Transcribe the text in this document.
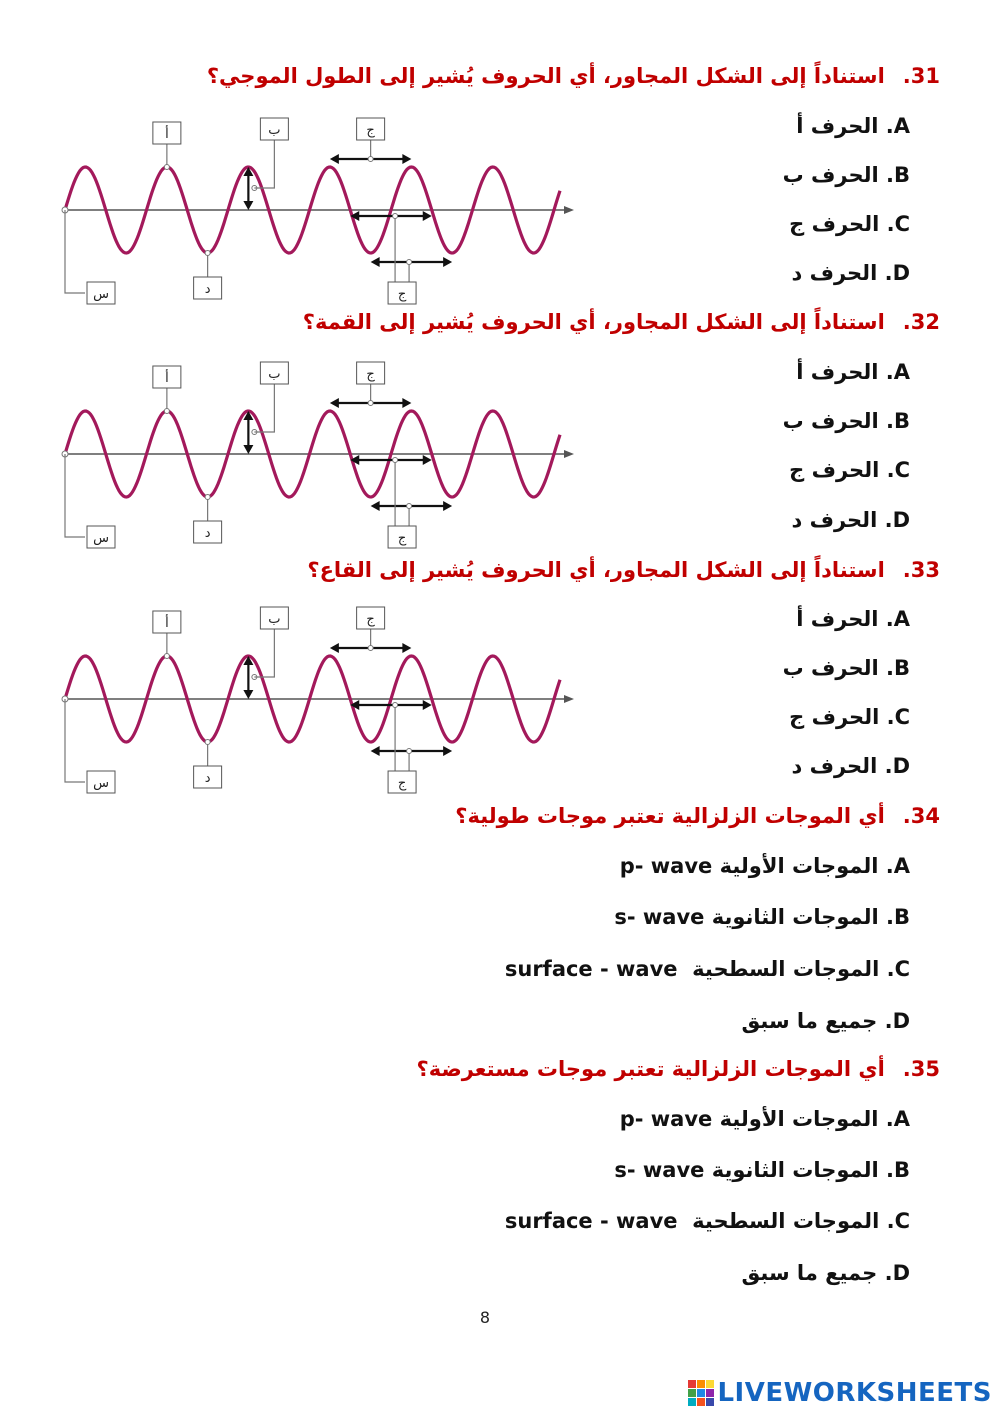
31.استناداً إلى الشكل المجاور، أي الحروف يُشير إلى الطول الموجي؟
A. الحرف أ
B. الحرف ب
C. الحرف ج
D. الحرف د
س
أ
د
ب	ج
ج
32.استناداً إلى الشكل المجاور، أي الحروف يُشير إلى القمة؟
A. الحرف أ
B. الحرف ب
C. الحرف ج
D. الحرف د
س
أ
د
ب	ج
ج
33.استناداً إلى الشكل المجاور، أي الحروف يُشير إلى القاع؟
A. الحرف أ
B. الحرف ب
C. الحرف ج
D. الحرف د
س
أ
د
ب	ج
ج
34.أي الموجات الزلزالية تعتبر موجات طولية؟
A. الموجات الأولية p- wave
B. الموجات الثانوية s- wave
C. الموجات السطحية  surface - wave
D. جميع ما سبق
35.أي الموجات الزلزالية تعتبر موجات مستعرضة؟
A. الموجات الأولية p- wave
B. الموجات الثانوية s- wave
C. الموجات السطحية  surface - wave
D. جميع ما سبق
8
LIVEWORKSHEETS
